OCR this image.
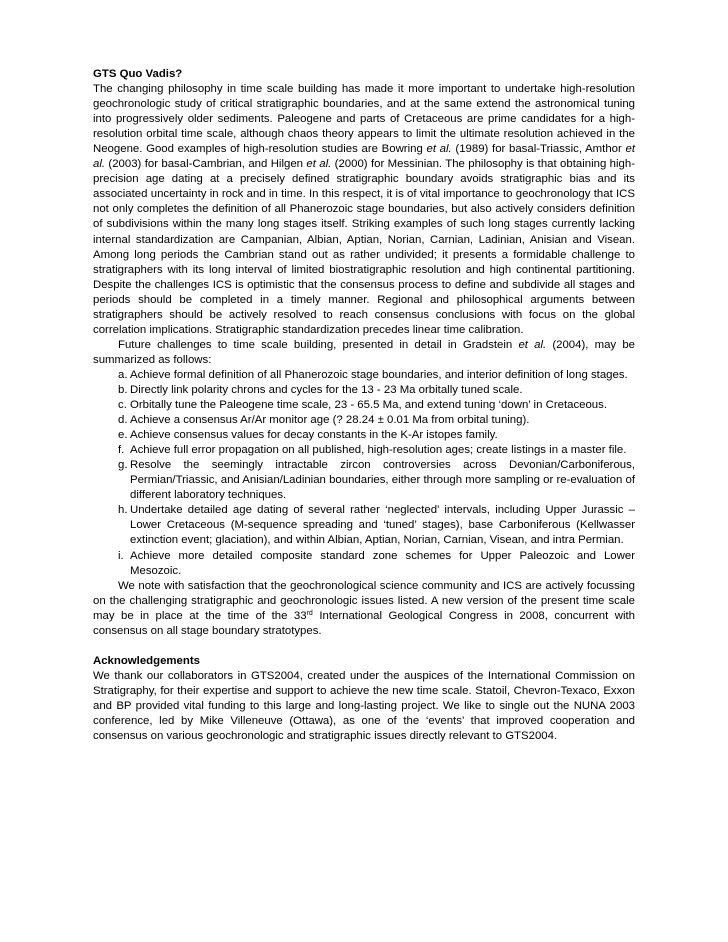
GTS Quo Vadis?

The changing philosophy in time scale building has made it more important to undertake high-resolution geochronologic study of critical stratigraphic boundaries, and at the same extend the astronomical tuning into progressively older sediments. Paleogene and parts of Cretaceous are prime candidates for a high-resolution orbital time scale, although chaos theory appears to limit the ultimate resolution achieved in the Neogene. Good examples of high-resolution studies are Bowring et al. (1989) for basal-Triassic, Amthor et al. (2003) for basal-Cambrian, and Hilgen et al. (2000) for Messinian. The philosophy is that obtaining high-precision age dating at a precisely defined stratigraphic boundary avoids stratigraphic bias and its associated uncertainty in rock and in time. In this respect, it is of vital importance to geochronology that ICS not only completes the definition of all Phanerozoic stage boundaries, but also actively considers definition of subdivisions within the many long stages itself. Striking examples of such long stages currently lacking internal standardization are Campanian, Albian, Aptian, Norian, Carnian, Ladinian, Anisian and Visean. Among long periods the Cambrian stand out as rather undivided; it presents a formidable challenge to stratigraphers with its long interval of limited biostratigraphic resolution and high continental partitioning. Despite the challenges ICS is optimistic that the consensus process to define and subdivide all stages and periods should be completed in a timely manner. Regional and philosophical arguments between stratigraphers should be actively resolved to reach consensus conclusions with focus on the global correlation implications. Stratigraphic standardization precedes linear time calibration.

Future challenges to time scale building, presented in detail in Gradstein et al. (2004), may be summarized as follows:

a. Achieve formal definition of all Phanerozoic stage boundaries, and interior definition of long stages.
b. Directly link polarity chrons and cycles for the 13 - 23 Ma orbitally tuned scale.
c. Orbitally tune the Paleogene time scale, 23 - 65.5 Ma, and extend tuning ‘down’ in Cretaceous.
d. Achieve a consensus Ar/Ar monitor age (? 28.24 ± 0.01 Ma from orbital tuning).
e. Achieve consensus values for decay constants in the K-Ar istopes family.
f. Achieve full error propagation on all published, high-resolution ages; create listings in a master file.
g. Resolve the seemingly intractable zircon controversies across Devonian/Carboniferous, Permian/Triassic, and Anisian/Ladinian boundaries, either through more sampling or re-evaluation of different laboratory techniques.
h. Undertake detailed age dating of several rather ‘neglected’ intervals, including Upper Jurassic – Lower Cretaceous (M-sequence spreading and ‘tuned’ stages), base Carboniferous (Kellwasser extinction event; glaciation), and within Albian, Aptian, Norian, Carnian, Visean, and intra Permian.
i. Achieve more detailed composite standard zone schemes for Upper Paleozoic and Lower Mesozoic.

We note with satisfaction that the geochronological science community and ICS are actively focussing on the challenging stratigraphic and geochronologic issues listed. A new version of the present time scale may be in place at the time of the 33rd International Geological Congress in 2008, concurrent with consensus on all stage boundary stratotypes.

Acknowledgements

We thank our collaborators in GTS2004, created under the auspices of the International Commission on Stratigraphy, for their expertise and support to achieve the new time scale. Statoil, Chevron-Texaco, Exxon and BP provided vital funding to this large and long-lasting project. We like to single out the NUNA 2003 conference, led by Mike Villeneuve (Ottawa), as one of the ‘events’ that improved cooperation and consensus on various geochronologic and stratigraphic issues directly relevant to GTS2004.
